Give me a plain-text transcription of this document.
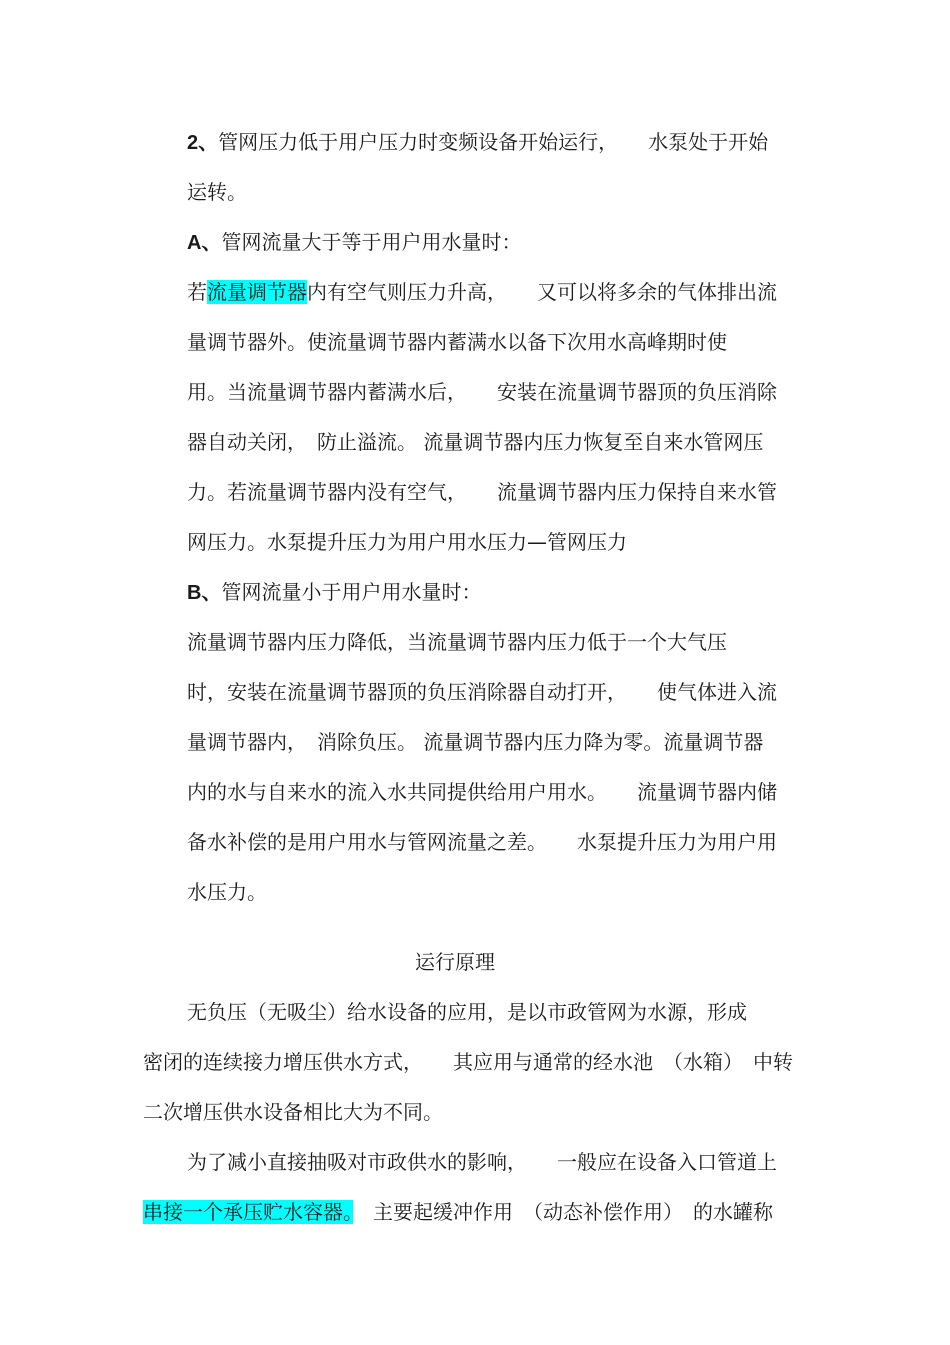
2、管网压力低于用户压力时变频设备开始运行，　　水泵处于开始
运转。
A、管网流量大于等于用户用水量时：
若流量调节器内有空气则压力升高，　　又可以将多余的气体排出流
量调节器外。使流量调节器内蓄满水以备下次用水高峰期时使
用。当流量调节器内蓄满水后，　　安装在流量调节器顶的负压消除
器自动关闭，　防止溢流。 流量调节器内压力恢复至自来水管网压
力。若流量调节器内没有空气，　　流量调节器内压力保持自来水管
网压力。水泵提升压力为用户用水压力—管网压力
B、管网流量小于用户用水量时：
流量调节器内压力降低，当流量调节器内压力低于一个大气压
时，安装在流量调节器顶的负压消除器自动打开，　　使气体进入流
量调节器内，　消除负压。 流量调节器内压力降为零。流量调节器
内的水与自来水的流入水共同提供给用户用水。　　流量调节器内储
备水补偿的是用户用水与管网流量之差。　　水泵提升压力为用户用
水压力。
运行原理
无负压（无吸尘）给水设备的应用，是以市政管网为水源，形成
密闭的连续接力增压供水方式，　　其应用与通常的经水池　（水箱）　中转
二次增压供水设备相比大为不同。
为了减小直接抽吸对市政供水的影响，　　一般应在设备入口管道上
串接一个承压贮水容器。　主要起缓冲作用　（动态补偿作用）　的水罐称
